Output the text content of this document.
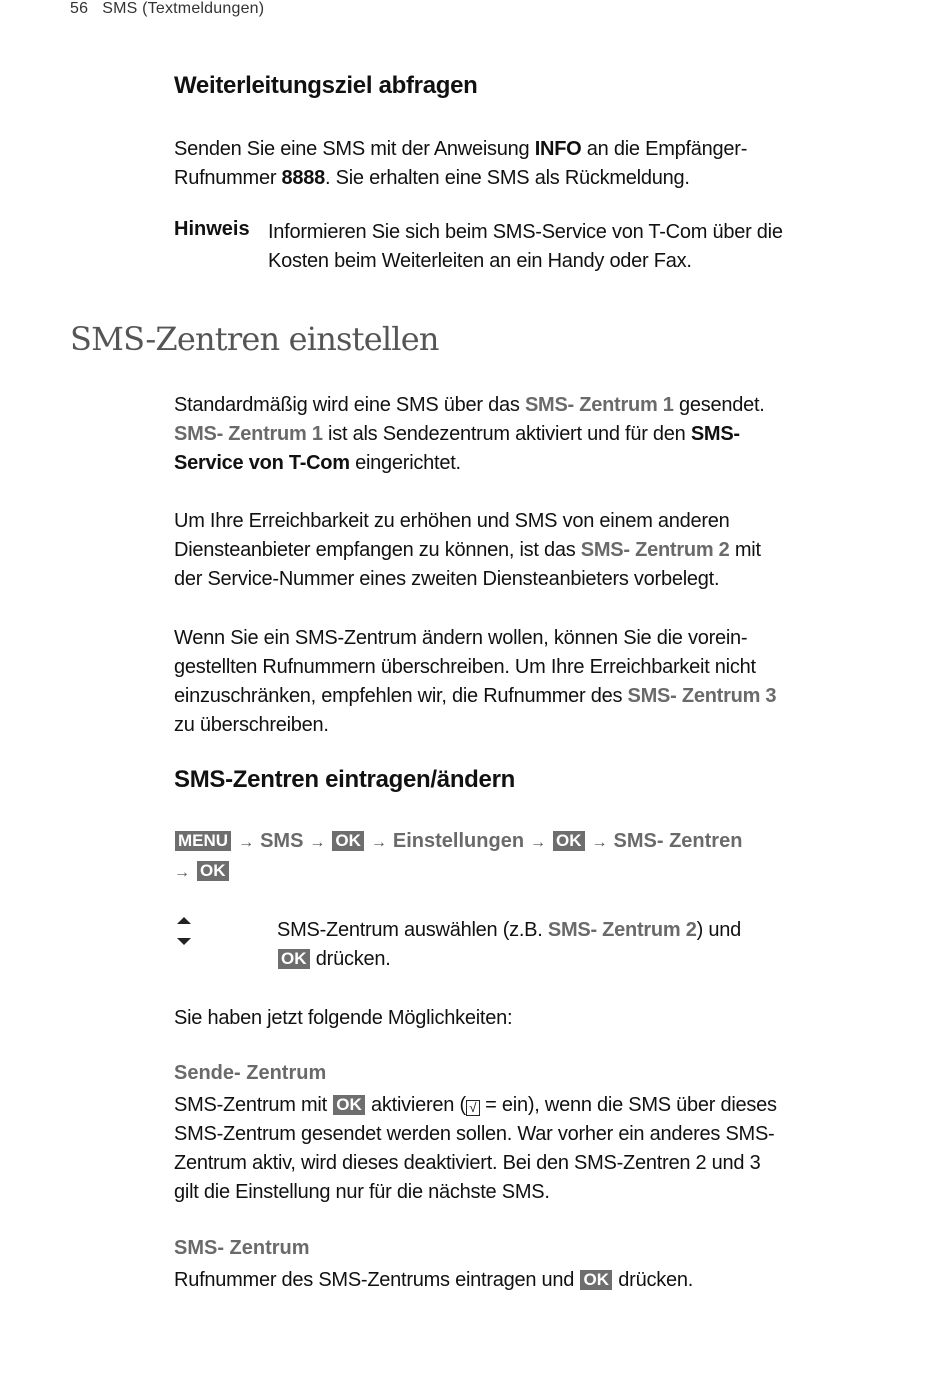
56 SMS (Textmeldungen)
Weiterleitungsziel abfragen
Senden Sie eine SMS mit der Anweisung INFO an die Empfänger-Rufnummer 8888. Sie erhalten eine SMS als Rückmeldung.
Hinweis Informieren Sie sich beim SMS-Service von T-Com über die Kosten beim Weiterleiten an ein Handy oder Fax.
SMS-Zentren einstellen
Standardmäßig wird eine SMS über das SMS- Zentrum 1 gesendet. SMS- Zentrum 1 ist als Sendezentrum aktiviert und für den SMS-Service von T-Com eingerichtet.
Um Ihre Erreichbarkeit zu erhöhen und SMS von einem anderen Diensteanbieter empfangen zu können, ist das SMS- Zentrum 2 mit der Service-Nummer eines zweiten Diensteanbieters vorbelegt.
Wenn Sie ein SMS-Zentrum ändern wollen, können Sie die vorein-gestellten Rufnummern überschreiben. Um Ihre Erreichbarkeit nicht einzuschränken, empfehlen wir, die Rufnummer des SMS- Zentrum 3 zu überschreiben.
SMS-Zentren eintragen/ändern
MENU → SMS → OK → Einstellungen → OK → SMS- Zentren
→ OK
SMS-Zentrum auswählen (z.B. SMS- Zentrum 2) und OK drücken.
Sie haben jetzt folgende Möglichkeiten:
Sende- Zentrum
SMS-Zentrum mit OK aktivieren ( √ = ein), wenn die SMS über dieses SMS-Zentrum gesendet werden sollen. War vorher ein anderes SMS-Zentrum aktiv, wird dieses deaktiviert. Bei den SMS-Zentren 2 und 3 gilt die Einstellung nur für die nächste SMS.
SMS- Zentrum
Rufnummer des SMS-Zentrums eintragen und OK drücken.
